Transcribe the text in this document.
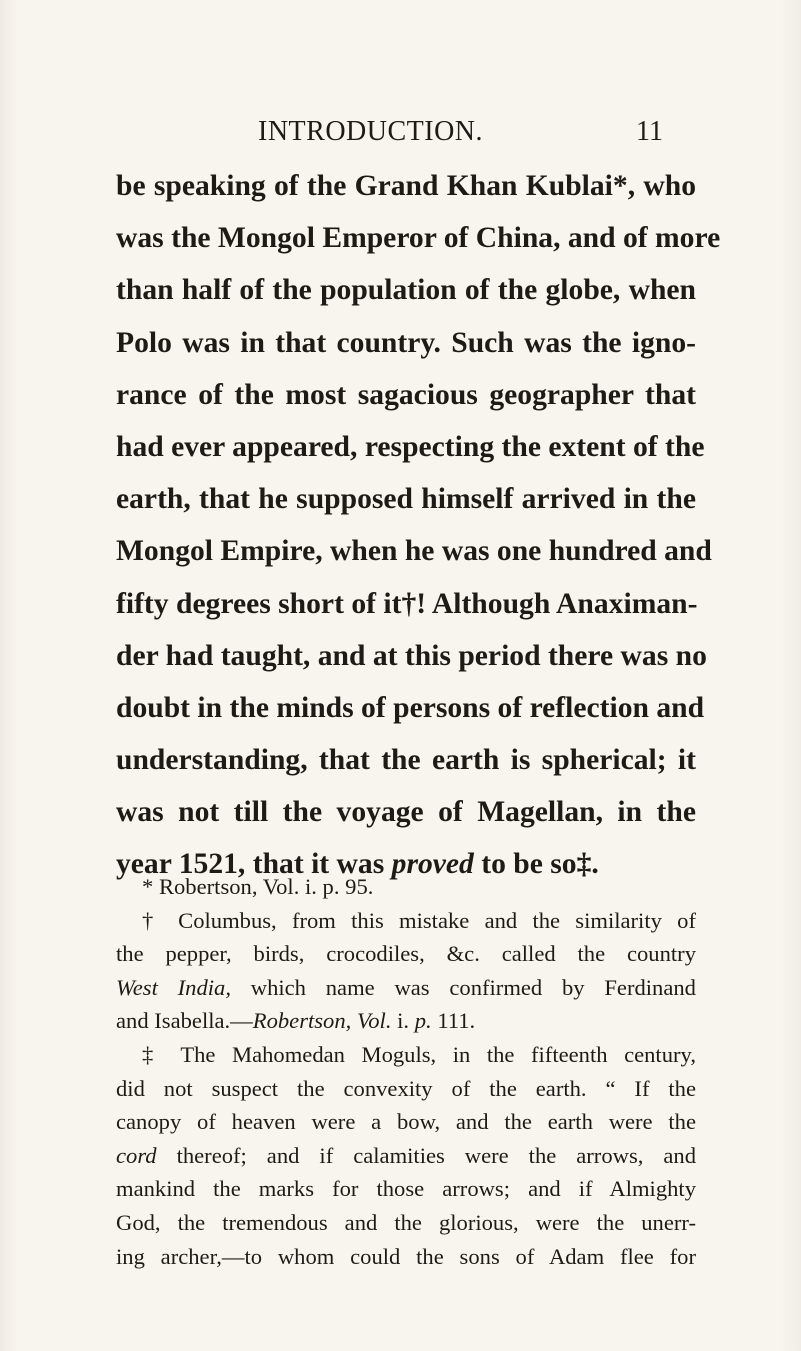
INTRODUCTION.	11
be speaking of the Grand Khan Kublai*, who
was the Mongol Emperor of China, and of more
than half of the population of the globe, when
Polo was in that country. Such was the igno-
rance of the most sagacious geographer that
had ever appeared, respecting the extent of the
earth, that he supposed himself arrived in the
Mongol Empire, when he was one hundred and
fifty degrees short of it†! Although Anaximan-
der had taught, and at this period there was no
doubt in the minds of persons of reflection and
understanding, that the earth is spherical; it
was not till the voyage of Magellan, in the
year 1521, that it was proved to be so‡.
* Robertson, Vol. i. p. 95.
† Columbus, from this mistake and the similarity of
the pepper, birds, crocodiles, &c. called the country
West India, which name was confirmed by Ferdinand
and Isabella.—Robertson, Vol. i. p. 111.
‡ The Mahomedan Moguls, in the fifteenth century,
did not suspect the convexity of the earth. “ If the
canopy of heaven were a bow, and the earth were the
cord thereof; and if calamities were the arrows, and
mankind the marks for those arrows; and if Almighty
God, the tremendous and the glorious, were the unerr-
ing archer,—to whom could the sons of Adam flee for
